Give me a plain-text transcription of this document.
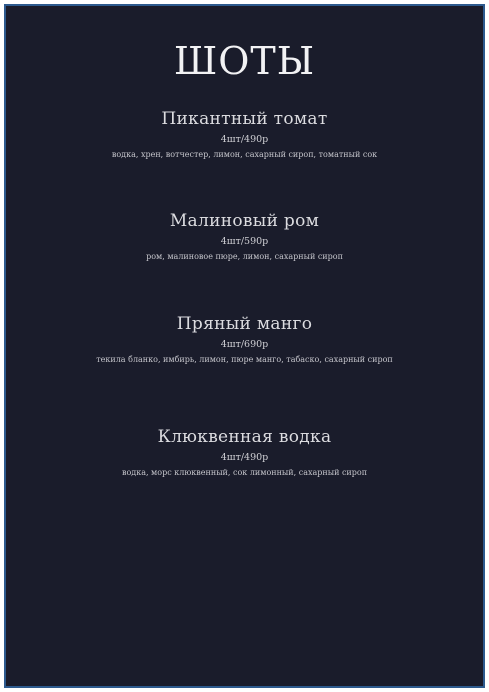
ШОТЫ
Пикантный томат
4шт/490р
водка, хрен, вотчестер, лимон, сахарный сироп, томатный сок
Малиновый ром
4шт/590р
ром, малиновое пюре, лимон, сахарный сироп
Пряный манго
4шт/690р
текила бланко, имбирь, лимон, пюре манго, табаско, сахарный сироп
Клюквенная водка
4шт/490р
водка, морс клюквенный, сок лимонный, сахарный сироп
